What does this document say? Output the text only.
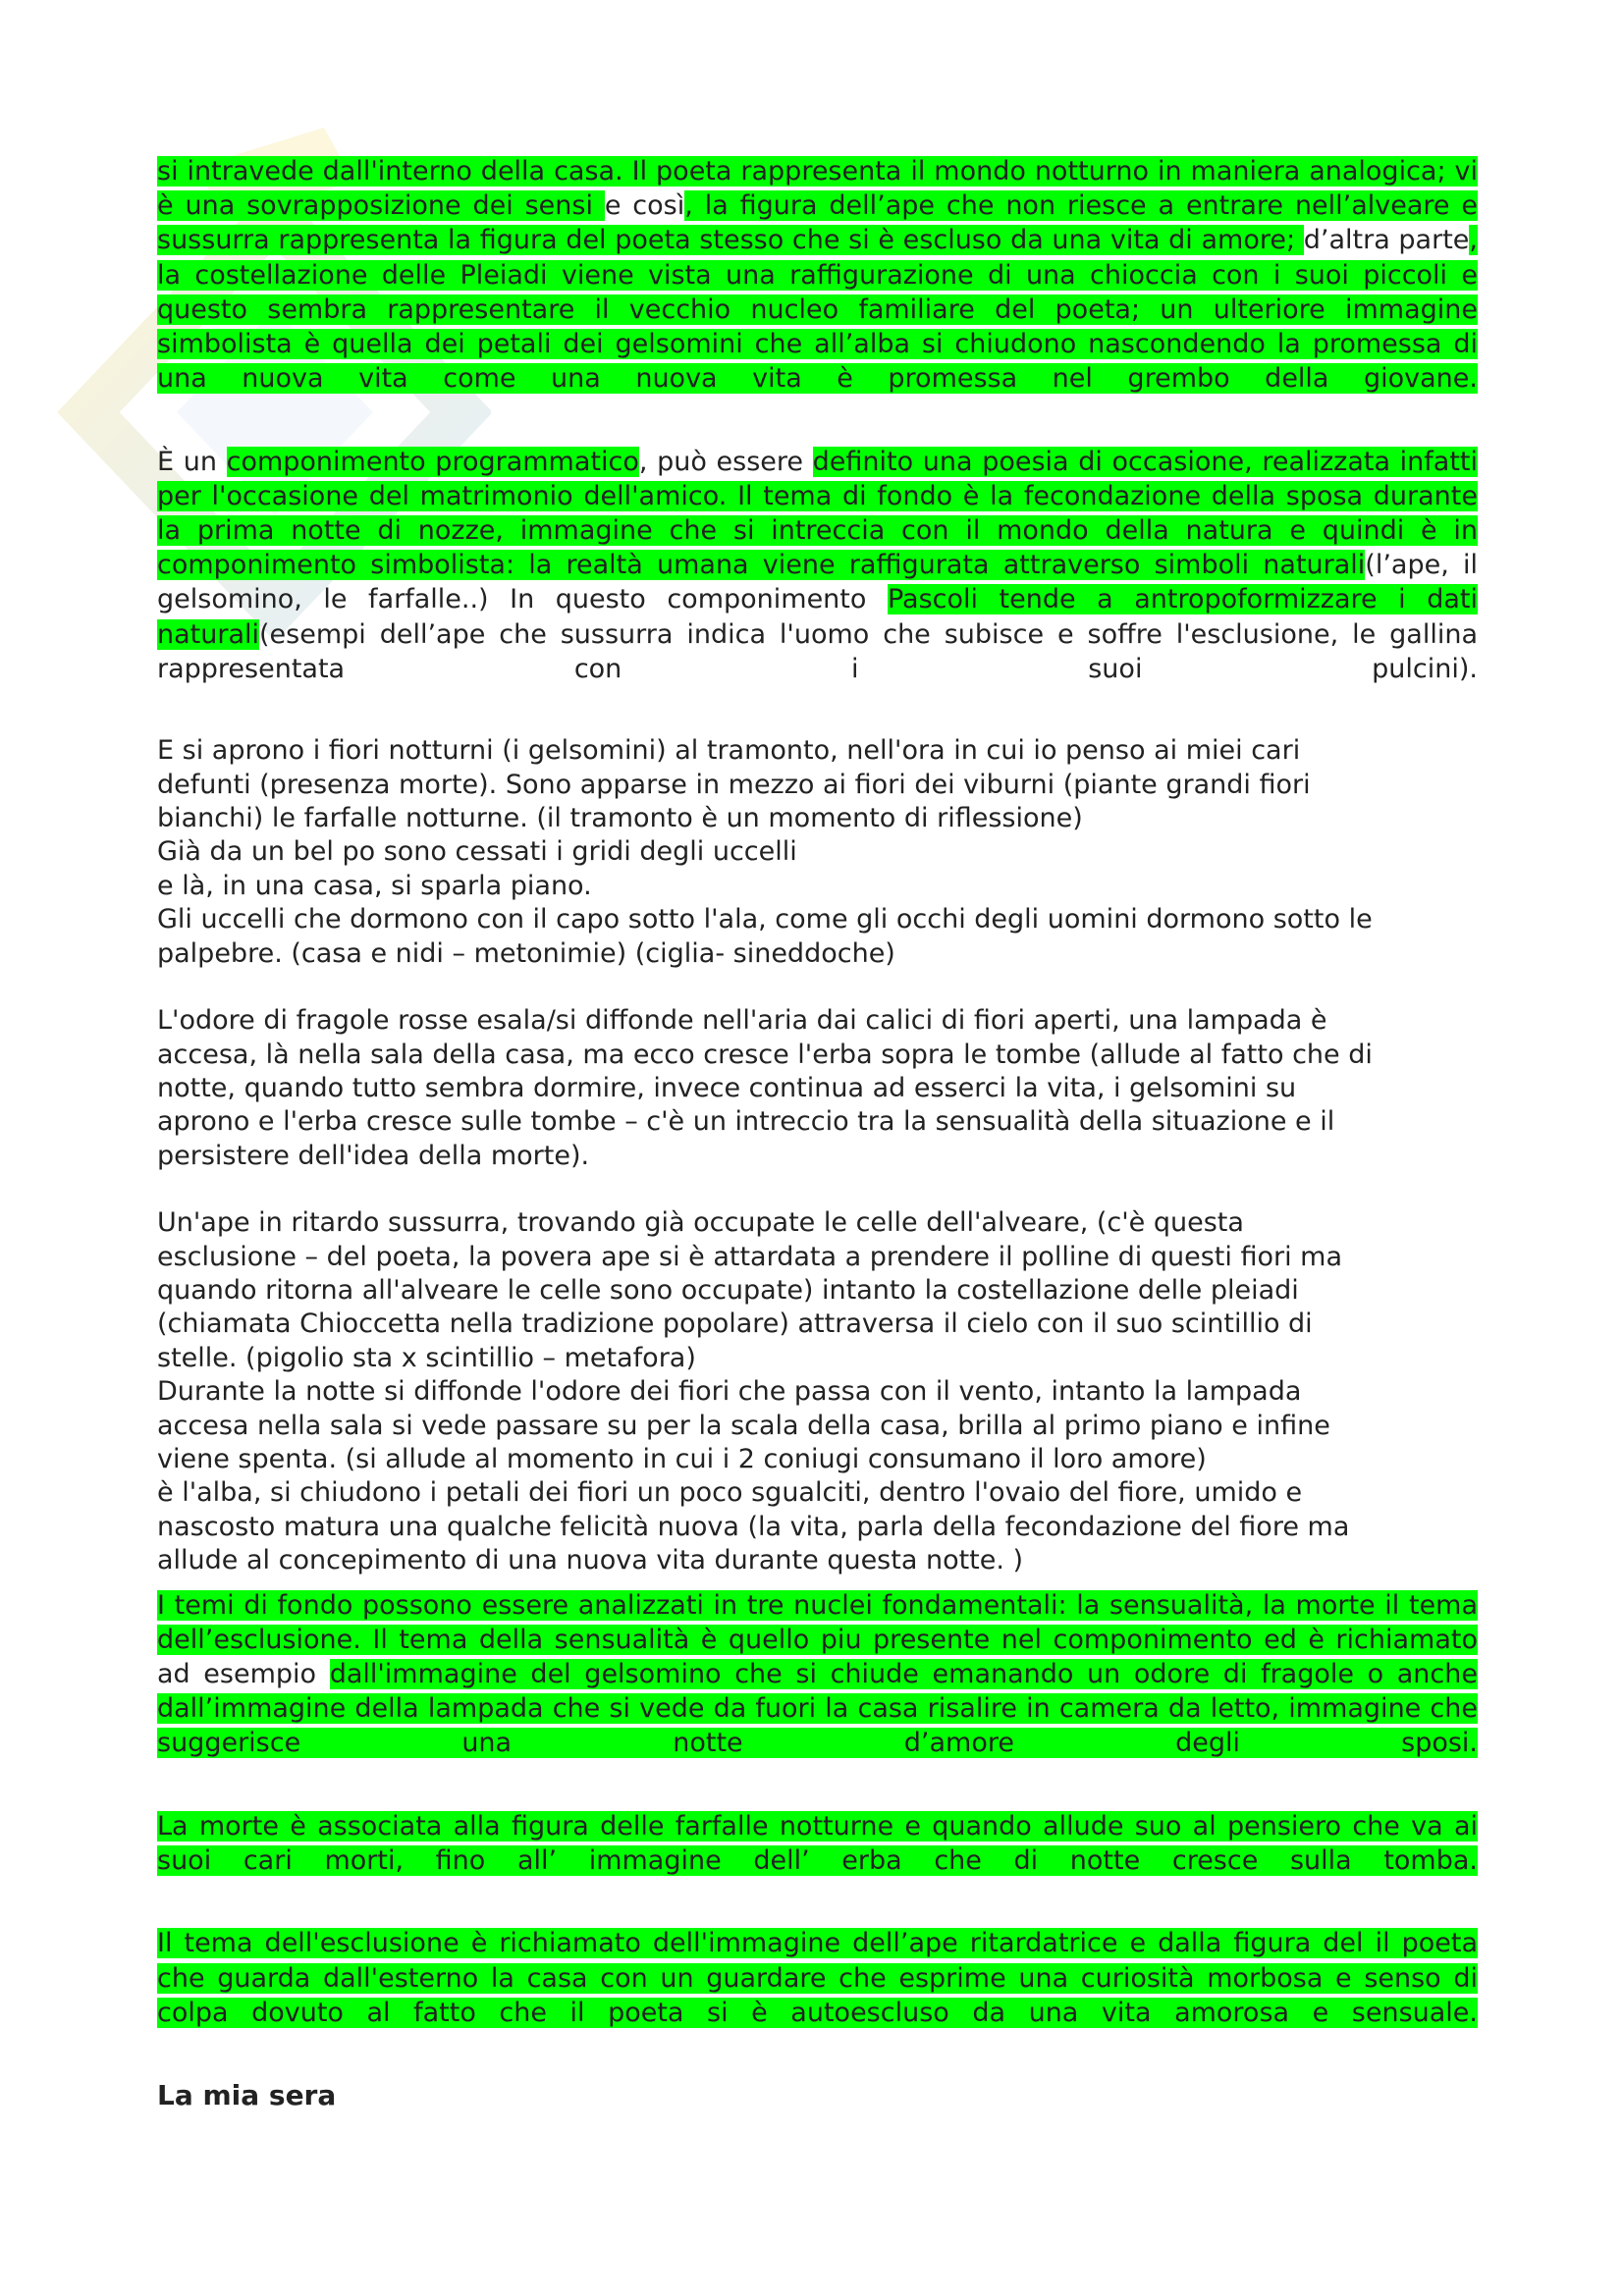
si intravede dall'interno della casa. Il poeta rappresenta il mondo notturno in maniera analogica; vi è una sovrapposizione dei sensi e così, la figura dell’ape che non riesce a entrare nell’alveare e sussurra rappresenta la figura del poeta stesso che si è escluso da una vita di amore; d’altra parte, la costellazione delle Pleiadi viene vista una raffigurazione di una chioccia con i suoi piccoli e questo sembra rappresentare il vecchio nucleo familiare del poeta; un ulteriore immagine simbolista è quella dei petali dei gelsomini che all’alba si chiudono nascondendo la promessa di una nuova vita come una nuova vita è promessa nel grembo della giovane.

È un componimento programmatico, può essere definito una poesia di occasione, realizzata infatti per l'occasione del matrimonio dell'amico. Il tema di fondo è la fecondazione della sposa durante la prima notte di nozze, immagine che si intreccia con il mondo della natura e quindi è in componimento simbolista: la realtà umana viene raffigurata attraverso simboli naturali(l’ape, il gelsomino, le farfalle..) In questo componimento Pascoli tende a antropoformizzare i dati naturali(esempi dell’ape che sussurra indica l'uomo che subisce e soffre l'esclusione, le gallina rappresentata con i suoi pulcini).

E si aprono i fiori notturni (i gelsomini) al tramonto, nell'ora in cui io penso ai miei cari
defunti (presenza morte). Sono apparse in mezzo ai fiori dei viburni (piante grandi fiori
bianchi) le farfalle notturne. (il tramonto è un momento di riflessione)
Già da un bel po sono cessati i gridi degli uccelli
e là, in una casa, si sparla piano.
Gli uccelli che dormono con il capo sotto l'ala, come gli occhi degli uomini dormono sotto le
palpebre. (casa e nidi – metonimie) (ciglia- sineddoche)
L'odore di fragole rosse esala/si diffonde nell'aria dai calici di fiori aperti, una lampada è
accesa, là nella sala della casa, ma ecco cresce l'erba sopra le tombe (allude al fatto che di
notte, quando tutto sembra dormire, invece continua ad esserci la vita, i gelsomini su
aprono e l'erba cresce sulle tombe – c'è un intreccio tra la sensualità della situazione e il
persistere dell'idea della morte).
Un'ape in ritardo sussurra, trovando già occupate le celle dell'alveare, (c'è questa
esclusione – del poeta, la povera ape si è attardata a prendere il polline di questi fiori ma
quando ritorna all'alveare le celle sono occupate) intanto la costellazione delle pleiadi
(chiamata Chioccetta nella tradizione popolare) attraversa il cielo con il suo scintillio di
stelle. (pigolio sta x scintillio – metafora)
Durante la notte si diffonde l'odore dei fiori che passa con il vento, intanto la lampada
accesa nella sala si vede passare su per la scala della casa, brilla al primo piano e infine
viene spenta. (si allude al momento in cui i 2 coniugi consumano il loro amore)
è l'alba, si chiudono i petali dei fiori un poco sgualciti, dentro l'ovaio del fiore, umido e
nascosto matura una qualche felicità nuova (la vita, parla della fecondazione del fiore ma
allude al concepimento di una nuova vita durante questa notte. )

I temi di fondo possono essere analizzati in tre nuclei fondamentali: la sensualità, la morte il tema dell’esclusione. Il tema della sensualità è quello piu presente nel componimento ed è richiamato ad esempio dall'immagine del gelsomino che si chiude emanando un odore di fragole o anche dall’immagine della lampada che si vede da fuori la casa risalire in camera da letto, immagine che suggerisce una notte d’amore degli sposi.

La morte è associata alla figura delle farfalle notturne e quando allude suo al pensiero che va ai suoi cari morti, fino all’ immagine dell’ erba che di notte cresce sulla tomba.

Il tema dell'esclusione è richiamato dell'immagine dell’ape ritardatrice e dalla figura del il poeta che guarda dall'esterno la casa con un guardare che esprime una curiosità morbosa e senso di colpa dovuto al fatto che il poeta si è autoescluso da una vita amorosa e sensuale.

La mia sera
